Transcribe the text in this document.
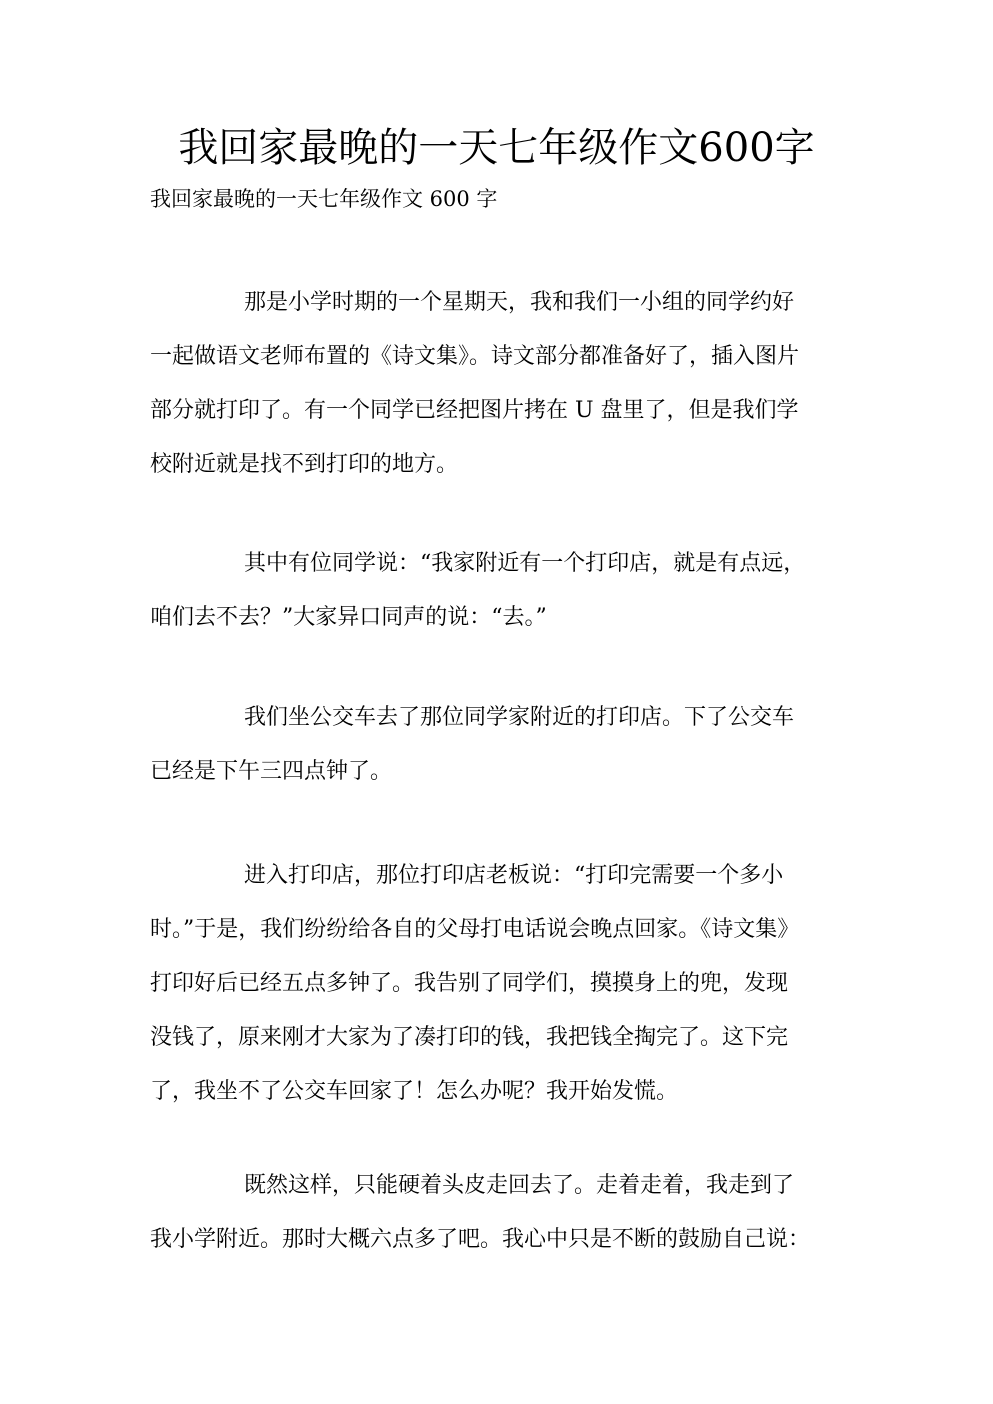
我回家最晚的一天七年级作文600字
我回家最晚的一天七年级作文 600 字
那是小学时期的一个星期天，我和我们一小组的同学约好
一起做语文老师布置的《诗文集》。诗文部分都准备好了，插入图片
部分就打印了。有一个同学已经把图片拷在 U 盘里了，但是我们学
校附近就是找不到打印的地方。
其中有位同学说：“我家附近有一个打印店，就是有点远，
咱们去不去？”大家异口同声的说：“去。”
我们坐公交车去了那位同学家附近的打印店。下了公交车
已经是下午三四点钟了。
进入打印店，那位打印店老板说：“打印完需要一个多小
时。”于是，我们纷纷给各自的父母打电话说会晚点回家。《诗文集》
打印好后已经五点多钟了。我告别了同学们，摸摸身上的兜，发现
没钱了，原来刚才大家为了凑打印的钱，我把钱全掏完了。这下完
了，我坐不了公交车回家了！怎么办呢？我开始发慌。
既然这样，只能硬着头皮走回去了。走着走着，我走到了
我小学附近。那时大概六点多了吧。我心中只是不断的鼓励自己说：
